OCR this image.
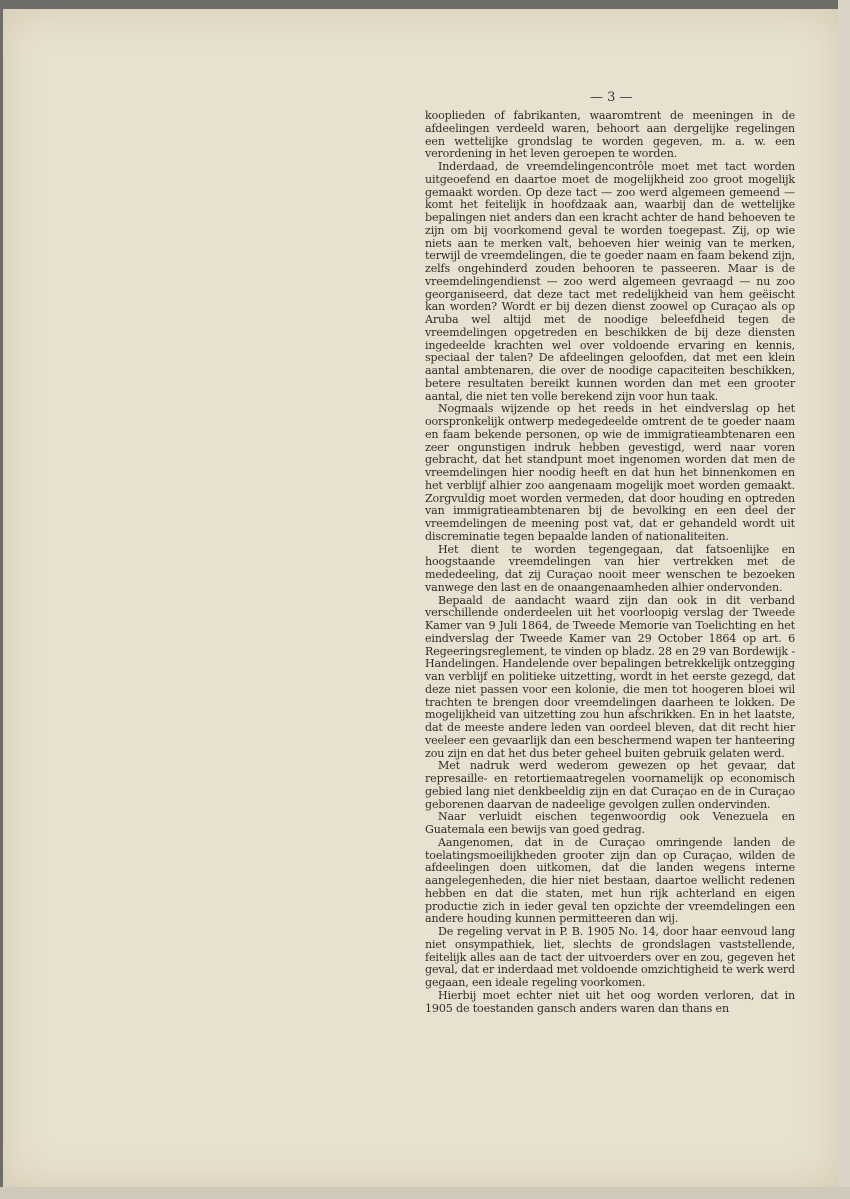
— 3 —

kooplieden of fabrikanten, waaromtrent de meeningen in de afdeelingen verdeeld waren, behoort aan dergelijke regelingen een wettelijke grondslag te worden gegeven, m. a. w. een verordening in het leven geroepen te worden.

Inderdaad, de vreemdelingencontrôle moet met tact worden uitgeoefend en daartoe moet de mogelijkheid zoo groot mogelijk gemaakt worden. Op deze tact — zoo werd algemeen gemeend — komt het feitelijk in hoofdzaak aan, waarbij dan de wettelijke bepalingen niet anders dan een kracht achter de hand behoeven te zijn om bij voorkomend geval te worden toegepast. Zij, op wie niets aan te merken valt, behoeven hier weinig van te merken, terwijl de vreemdelingen, die te goeder naam en faam bekend zijn, zelfs ongehinderd zouden behooren te passeeren. Maar is de vreemdelingendienst — zoo werd algemeen gevraagd — nu zoo georganiseerd, dat deze tact met redelijkheid van hem geëischt kan worden? Wordt er bij dezen dienst zoowel op Curaçao als op Aruba wel altijd met de noodige beleefdheid tegen de vreemdelingen opgetreden en beschikken de bij deze diensten ingedeelde krachten wel over voldoende ervaring en kennis, speciaal der talen? De afdeelingen geloofden, dat met een klein aantal ambtenaren, die over de noodige capaciteiten beschikken, betere resultaten bereikt kunnen worden dan met een grooter aantal, die niet ten volle berekend zijn voor hun taak.

Nogmaals wijzende op het reeds in het eindverslag op het oorspronkelijk ontwerp medegedeelde omtrent de te goeder naam en faam bekende personen, op wie de immigratieambtenaren een zeer ongunstigen indruk hebben gevestigd, werd naar voren gebracht, dat het standpunt moet ingenomen worden dat men de vreemdelingen hier noodig heeft en dat hun het binnenkomen en het verblijf alhier zoo aangenaam mogelijk moet worden gemaakt. Zorgvuldig moet worden vermeden, dat door houding en optreden van immigratieambtenaren bij de bevolking en een deel der vreemdelingen de meening post vat, dat er gehandeld wordt uit discreminatie tegen bepaalde landen of nationaliteiten.

Het dient te worden tegengegaan, dat fatsoenlijke en hoogstaande vreemdelingen van hier vertrekken met de mededeeling, dat zij Curaçao nooit meer wenschen te bezoeken vanwege den last en de onaangenaamheden alhier ondervonden.

Bepaald de aandacht waard zijn dan ook in dit verband verschillende onderdeelen uit het voorloopig verslag der Tweede Kamer van 9 Juli 1864, de Tweede Memorie van Toelichting en het eindverslag der Tweede Kamer van 29 October 1864 op art. 6 Regeeringsreglement, te vinden op bladz. 28 en 29 van Bordewijk - Handelingen. Handelende over bepalingen betrekkelijk ontzegging van verblijf en politieke uitzetting, wordt in het eerste gezegd, dat deze niet passen voor een kolonie, die men tot hoogeren bloei wil trachten te brengen door vreemdelingen daarheen te lokken. De mogelijkheid van uitzetting zou hun afschrikken. En in het laatste, dat de meeste andere leden van oordeel bleven, dat dit recht hier veeleer een gevaarlijk dan een beschermend wapen ter hanteering zou zijn en dat het dus beter geheel buiten gebruik gelaten werd.

Met nadruk werd wederom gewezen op het gevaar, dat represaille- en retortiemaatregelen voornamelijk op economisch gebied lang niet denkbeeldig zijn en dat Curaçao en de in Curaçao geborenen daarvan de nadeelige gevolgen zullen ondervinden.

Naar verluidt eischen tegenwoordig ook Venezuela en Guatemala een bewijs van goed gedrag.

Aangenomen, dat in de Curaçao omringende landen de toelatingsmoeilijkheden grooter zijn dan op Curaçao, wilden de afdeelingen doen uitkomen, dat die landen wegens interne aangelegenheden, die hier niet bestaan, daartoe wellicht redenen hebben en dat die staten, met hun rijk achterland en eigen productie zich in ieder geval ten opzichte der vreemdelingen een andere houding kunnen permitteeren dan wij.

De regeling vervat in P. B. 1905 No. 14, door haar eenvoud lang niet onsympathiek, liet, slechts de grondslagen vaststellende, feitelijk alles aan de tact der uitvoerders over en zou, gegeven het geval, dat er inderdaad met voldoende omzichtigheid te werk werd gegaan, een ideale regeling voorkomen.

Hierbij moet echter niet uit het oog worden verloren, dat in 1905 de toestanden gansch anders waren dan thans en
